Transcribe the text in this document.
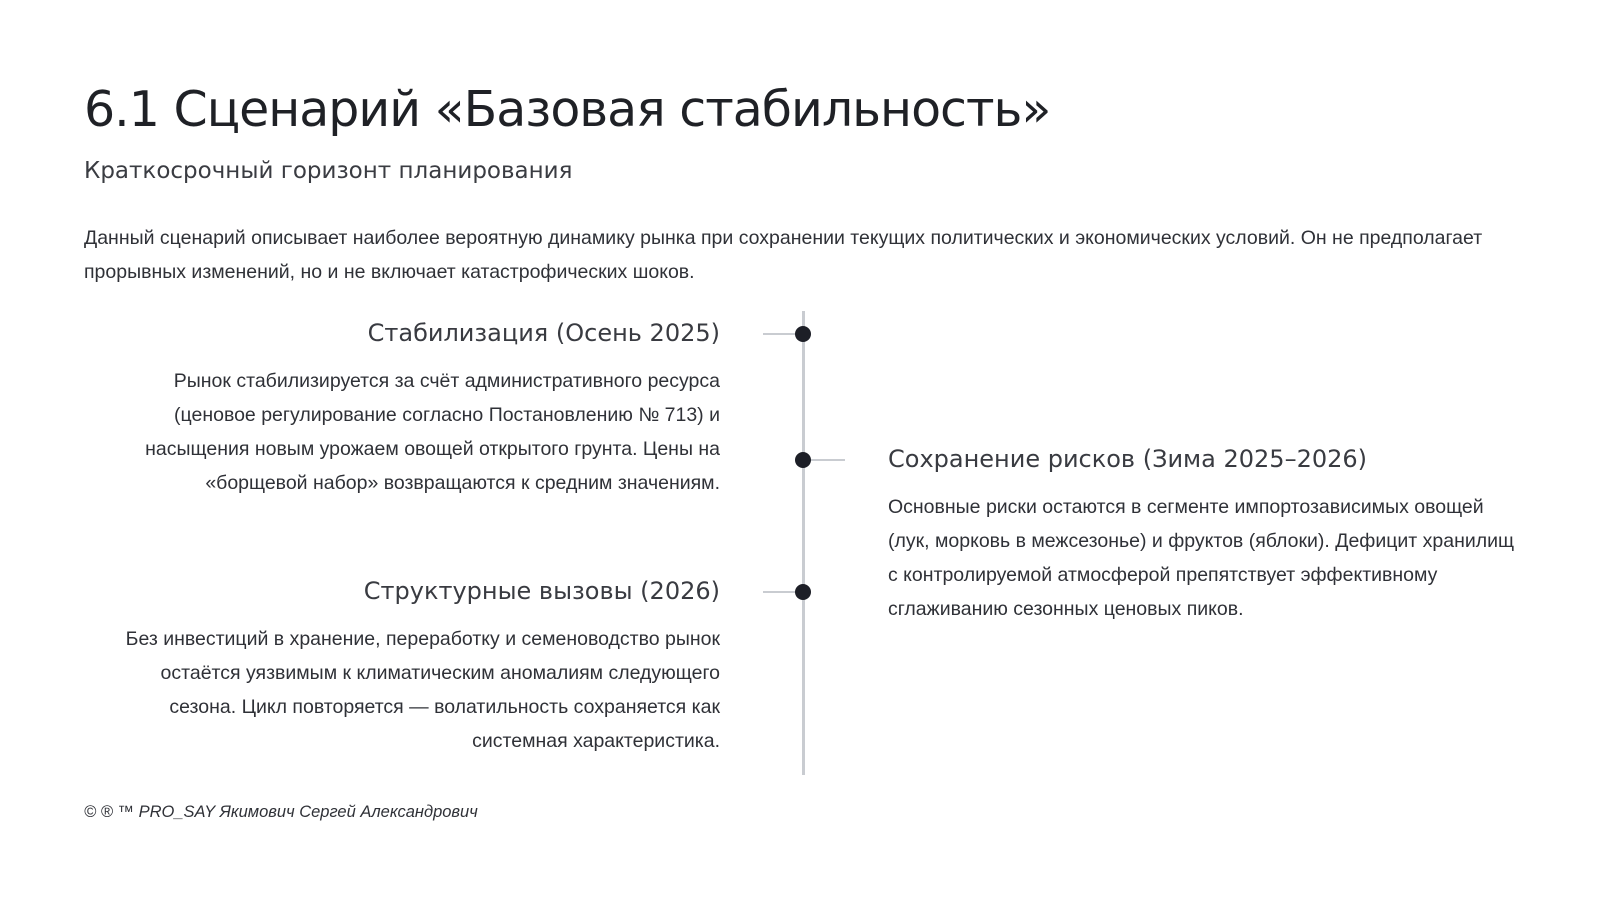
6.1 Сценарий «Базовая стабильность»
Краткосрочный горизонт планирования

Данный сценарий описывает наиболее вероятную динамику рынка при сохранении текущих политических и экономических условий. Он не предполагает прорывных изменений, но и не включает катастрофических шоков.

Стабилизация (Осень 2025)

Рынок стабилизируется за счёт административного ресурса (ценовое регулирование согласно Постановлению № 713) и насыщения новым урожаем овощей открытого грунта. Цены на «борщевой набор» возвращаются к средним значениям.

Сохранение рисков (Зима 2025–2026)

Основные риски остаются в сегменте импортозависимых овощей (лук, морковь в межсезонье) и фруктов (яблоки). Дефицит хранилищ с контролируемой атмосферой препятствует эффективному сглаживанию сезонных ценовых пиков.

Структурные вызовы (2026)

Без инвестиций в хранение, переработку и семеноводство рынок остаётся уязвимым к климатическим аномалиям следующего сезона. Цикл повторяется — волатильность сохраняется как системная характеристика.

© ® ™ PRO_SAY Якимович Сергей Александрович
